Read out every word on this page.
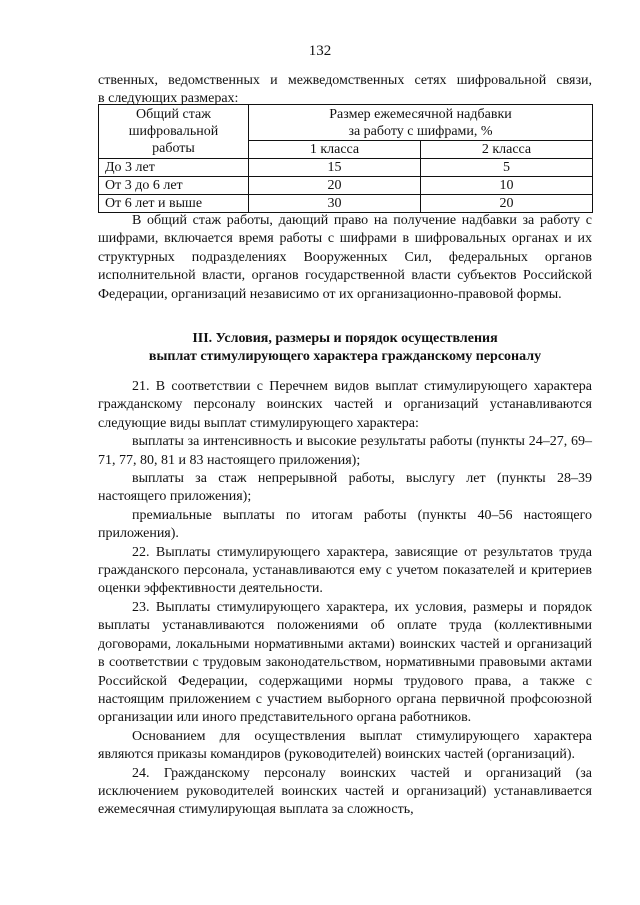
132
ственных, ведомственных и межведомственных сетях шифровальной связи,
в следующих размерах:
Общий стаж
шифровальной
работы	Размер ежемесячной надбавки
за работу с шифрами, %	

	1 класса	2 класса
До 3 лет	15	5
От 3 до 6 лет	20	10
От 6 лет и выше	30	20
В общий стаж работы, дающий право на получение надбавки за работу с шифрами, включается время работы с шифрами в шифровальных органах и их структурных подразделениях Вооруженных Сил, федеральных органов исполнительной власти, органов государственной власти субъектов Российской Федерации, организаций независимо от их организационно-правовой формы.
III. Условия, размеры и порядок осуществления
выплат стимулирующего характера гражданскому персоналу
21. В соответствии с Перечнем видов выплат стимулирующего характера гражданскому персоналу воинских частей и организаций устанавливаются следующие виды выплат стимулирующего характера:
выплаты за интенсивность и высокие результаты работы (пункты 24–27, 69–71, 77, 80, 81 и 83 настоящего приложения);
выплаты за стаж непрерывной работы, выслугу лет (пункты 28–39 настоящего приложения);
премиальные выплаты по итогам работы (пункты 40–56 настоящего приложения).
22. Выплаты стимулирующего характера, зависящие от результатов труда гражданского персонала, устанавливаются ему с учетом показателей и критериев оценки эффективности деятельности.
23. Выплаты стимулирующего характера, их условия, размеры и порядок выплаты устанавливаются положениями об оплате труда (коллективными договорами, локальными нормативными актами) воинских частей и организаций в соответствии с трудовым законодательством, нормативными правовыми актами Российской Федерации, содержащими нормы трудового права, а также с настоящим приложением с участием выборного органа первичной профсоюзной организации или иного представительного органа работников.
Основанием для осуществления выплат стимулирующего характера являются приказы командиров (руководителей) воинских частей (организаций).
24. Гражданскому персоналу воинских частей и организаций (за исключением руководителей воинских частей и организаций) устанавливается ежемесячная стимулирующая выплата за сложность,
